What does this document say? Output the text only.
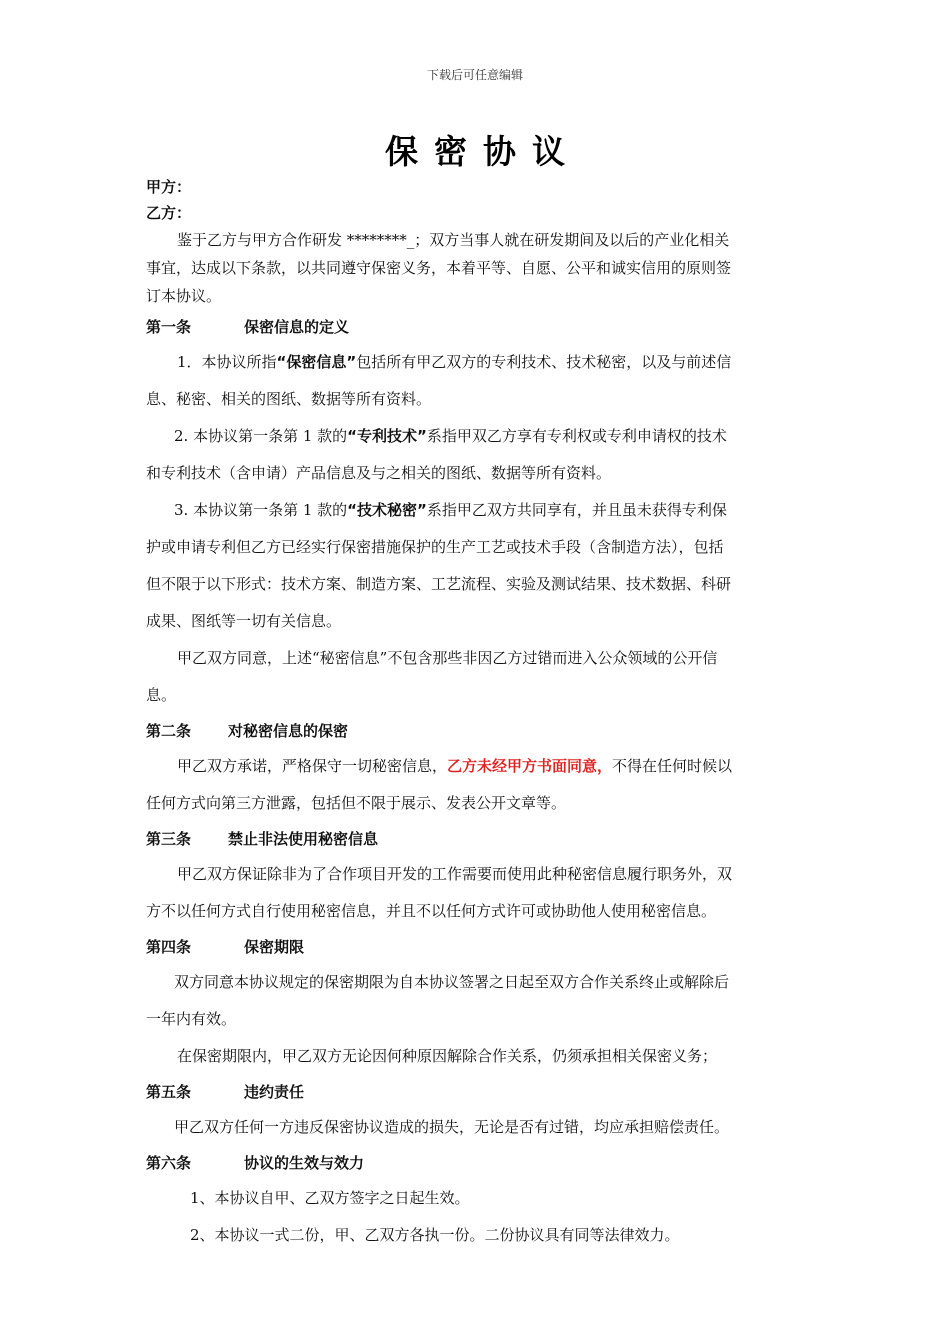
下载后可任意编辑
保密协议

甲方：

乙方：

鉴于乙方与甲方合作研发 ********_；双方当事人就在研发期间及以后的产业化相关

事宜，达成以下条款，以共同遵守保密义务，本着平等、自愿、公平和诚实信用的原则签

订本协议。

第一条	保密信息的定义

1．本协议所指“保密信息”包括所有甲乙双方的专利技术、技术秘密，以及与前述信

息、秘密、相关的图纸、数据等所有资料。

2. 本协议第一条第 1 款的“专利技术”系指甲双乙方享有专利权或专利申请权的技术

和专利技术（含申请）产品信息及与之相关的图纸、数据等所有资料。

3. 本协议第一条第 1 款的“技术秘密”系指甲乙双方共同享有，并且虽未获得专利保

护或申请专利但乙方已经实行保密措施保护的生产工艺或技术手段（含制造方法），包括

但不限于以下形式：技术方案、制造方案、工艺流程、实验及测试结果、技术数据、科研

成果、图纸等一切有关信息。

甲乙双方同意，上述“秘密信息”不包含那些非因乙方过错而进入公众领域的公开信

息。

第二条 对秘密信息的保密

甲乙双方承诺，严格保守一切秘密信息，乙方未经甲方书面同意，不得在任何时候以

任何方式向第三方泄露，包括但不限于展示、发表公开文章等。

第三条 禁止非法使用秘密信息

甲乙双方保证除非为了合作项目开发的工作需要而使用此种秘密信息履行职务外，双

方不以任何方式自行使用秘密信息，并且不以任何方式许可或协助他人使用秘密信息。

第四条	保密期限

双方同意本协议规定的保密期限为自本协议签署之日起至双方合作关系终止或解除后

一年内有效。

在保密期限内，甲乙双方无论因何种原因解除合作关系，仍须承担相关保密义务；

第五条	违约责任

甲乙双方任何一方违反保密协议造成的损失，无论是否有过错，均应承担赔偿责任。

第六条	协议的生效与效力

1、本协议自甲、乙双方签字之日起生效。

2、本协议一式二份，甲、乙双方各执一份。二份协议具有同等法律效力。
